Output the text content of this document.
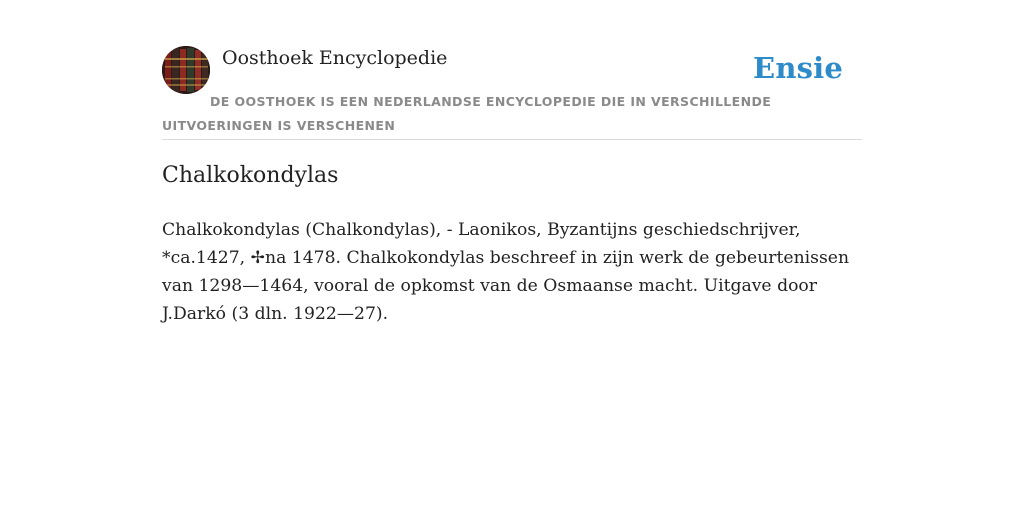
Oosthoek Encyclopedie	Ensie
DE OOSTHOEK IS EEN NEDERLANDSE ENCYCLOPEDIE DIE IN VERSCHILLENDE UITVOERINGEN IS VERSCHENEN
Chalkokondylas

Chalkokondylas (Chalkondylas), - Laonikos, Byzantijns geschiedschrijver, *ca.1427, ✢na 1478. Chalkokondylas beschreef in zijn werk de gebeurtenissen van 1298—1464, vooral de opkomst van de Osmaanse macht. Uitgave door J.Darkó (3 dln. 1922—27).
